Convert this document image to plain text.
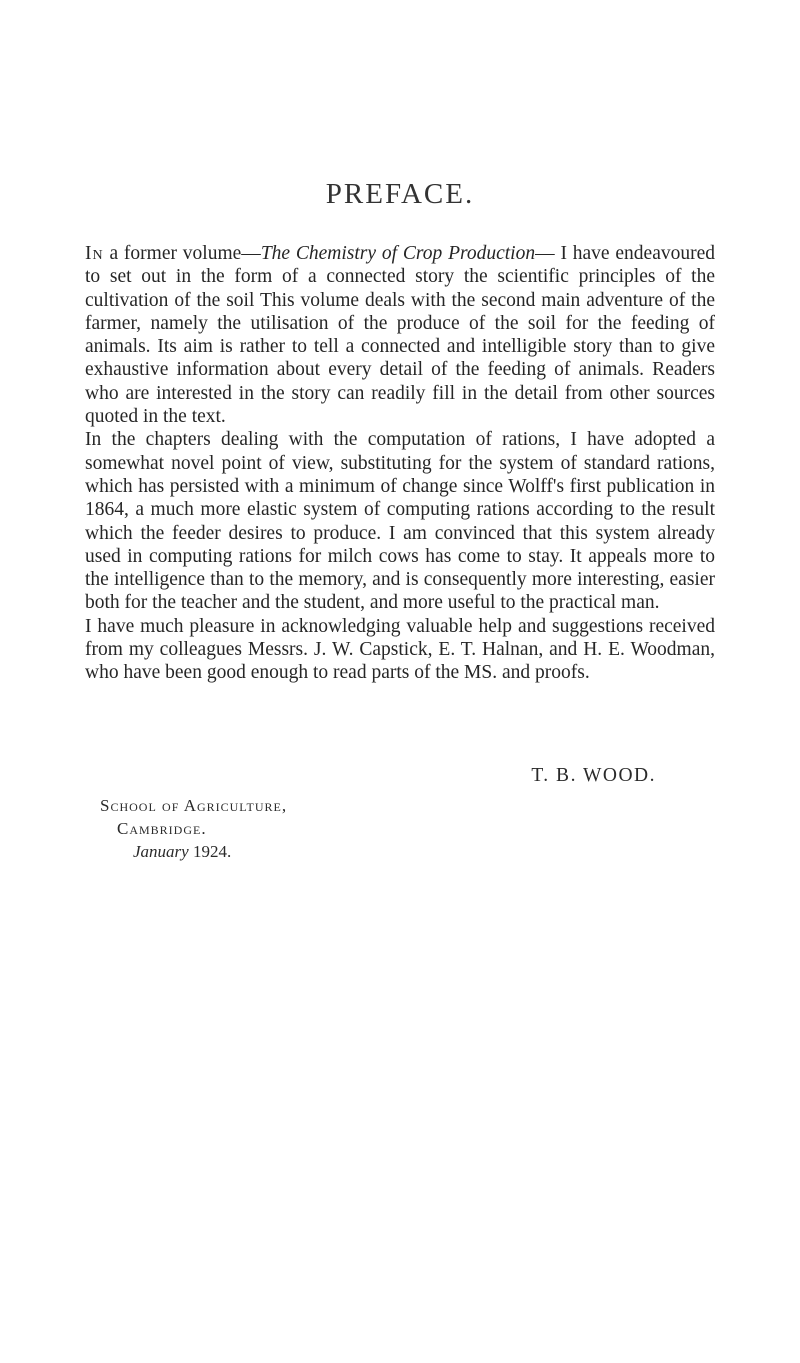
PREFACE.

In a former volume—The Chemistry of Crop Production— I have endeavoured to set out in the form of a connected story the scientific principles of the cultivation of the soil This volume deals with the second main adventure of the farmer, namely the utilisation of the produce of the soil for the feeding of animals. Its aim is rather to tell a connected and intelligible story than to give exhaustive information about every detail of the feeding of animals. Readers who are interested in the story can readily fill in the detail from other sources quoted in the text.

In the chapters dealing with the computation of rations, I have adopted a somewhat novel point of view, substituting for the system of standard rations, which has persisted with a minimum of change since Wolff's first publication in 1864, a much more elastic system of computing rations according to the result which the feeder desires to produce. I am convinced that this system already used in computing rations for milch cows has come to stay. It appeals more to the intelligence than to the memory, and is consequently more interesting, easier both for the teacher and the student, and more useful to the practical man.

I have much pleasure in acknowledging valuable help and suggestions received from my colleagues Messrs. J. W. Capstick, E. T. Halnan, and H. E. Woodman, who have been good enough to read parts of the MS. and proofs.

T. B. WOOD.
School of Agriculture,
Cambridge.
January 1924.
